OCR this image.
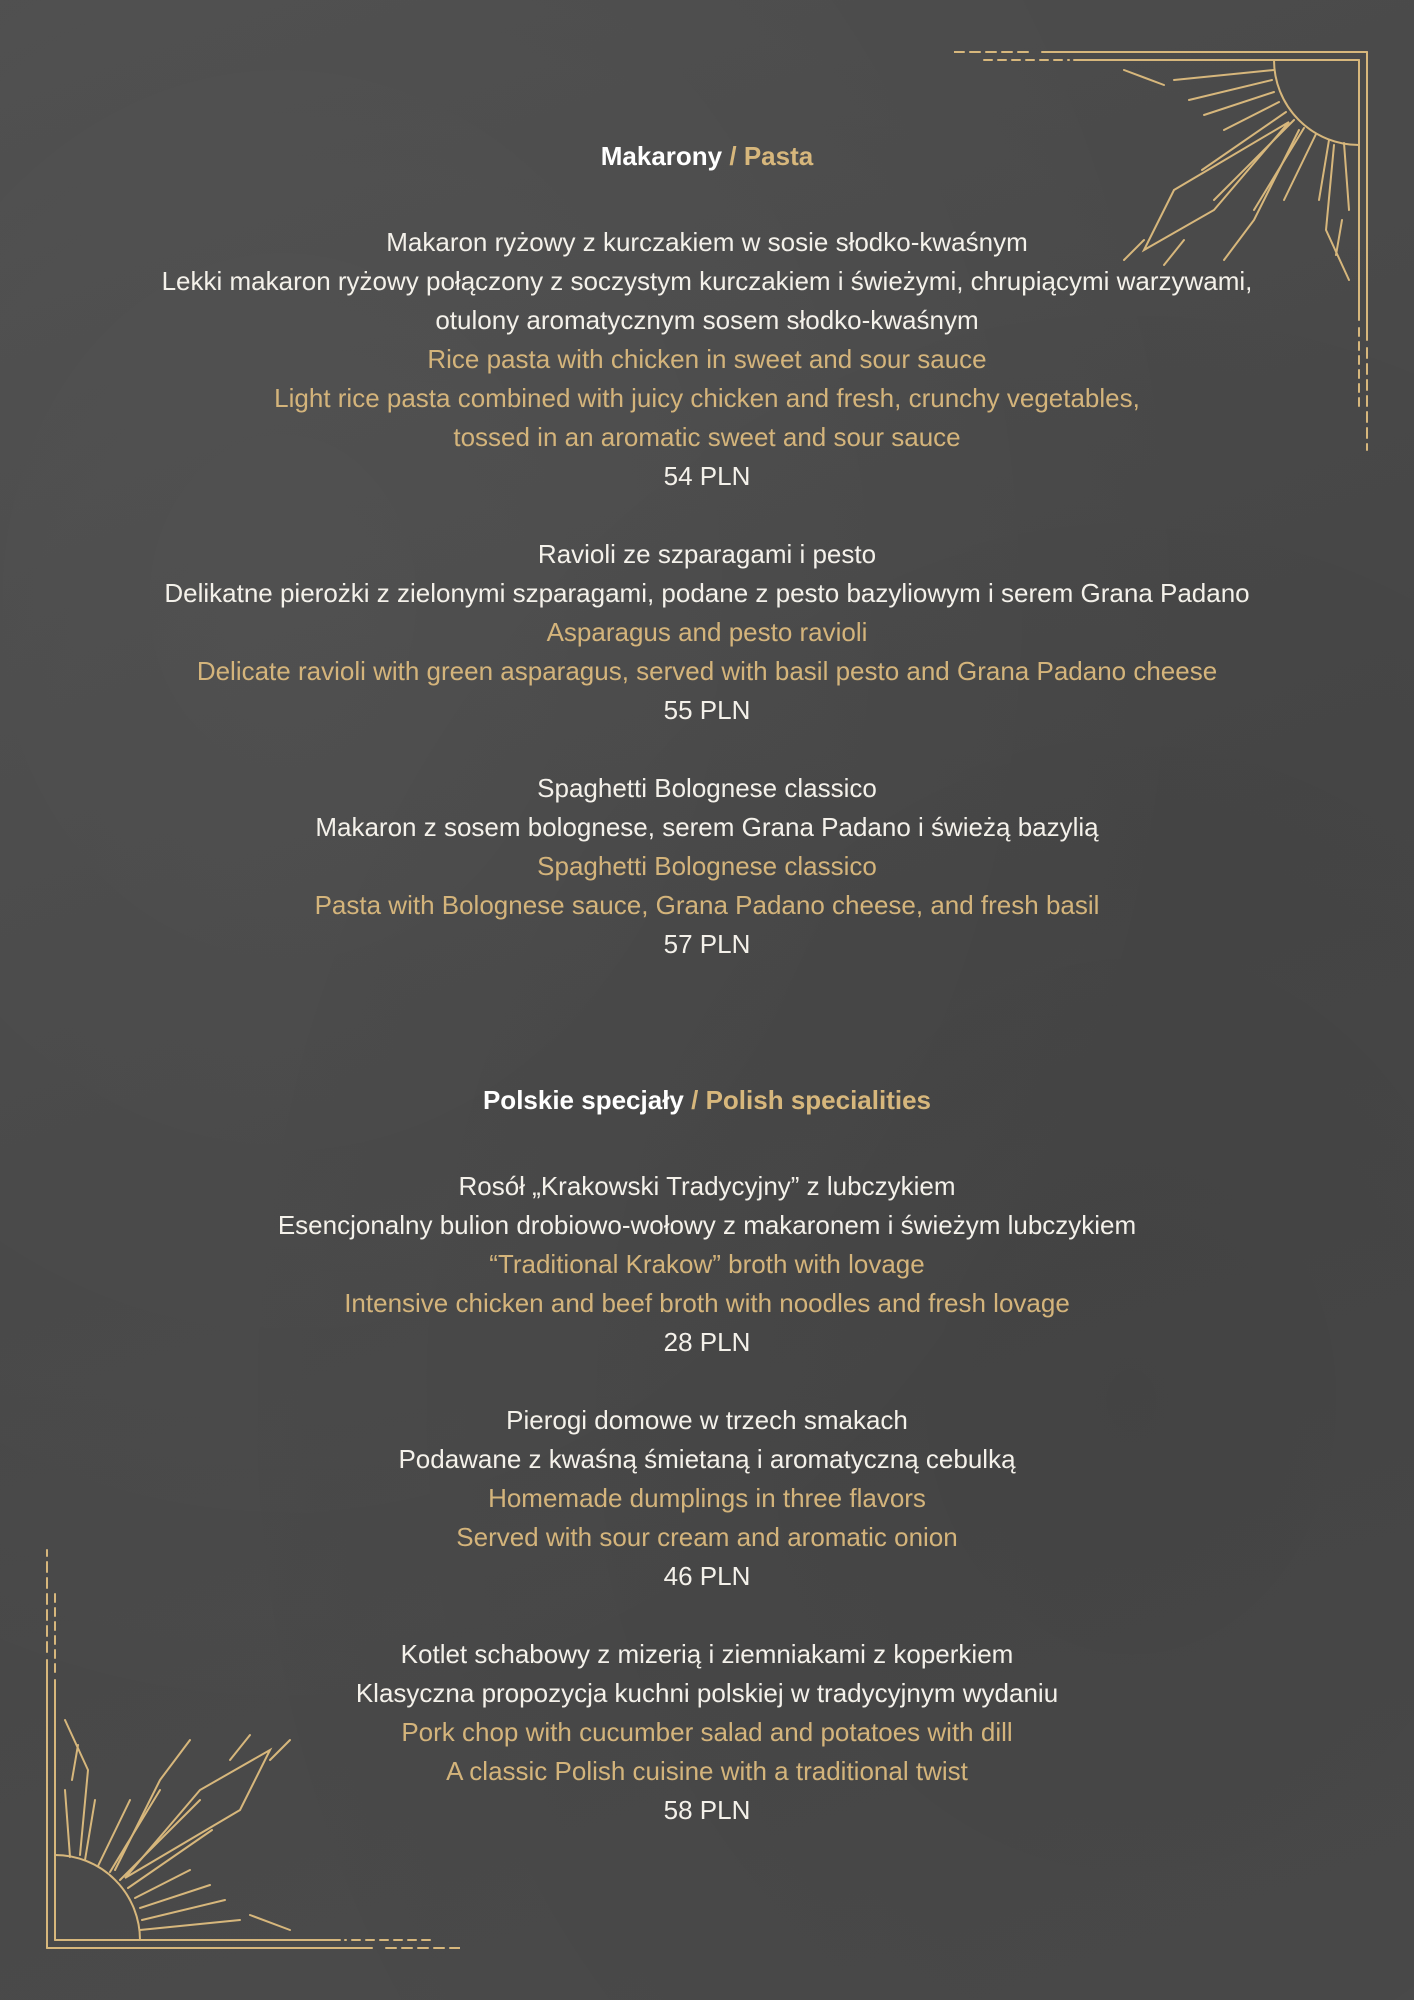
Makarony / Pasta
Makaron ryżowy z kurczakiem w sosie słodko-kwaśnym
Lekki makaron ryżowy połączony z soczystym kurczakiem i świeżymi, chrupiącymi warzywami,
otulony aromatycznym sosem słodko-kwaśnym
Rice pasta with chicken in sweet and sour sauce
Light rice pasta combined with juicy chicken and fresh, crunchy vegetables,
tossed in an aromatic sweet and sour sauce
54 PLN
Ravioli ze szparagami i pesto
Delikatne pierożki z zielonymi szparagami, podane z pesto bazyliowym i serem Grana Padano
Asparagus and pesto ravioli
Delicate ravioli with green asparagus, served with basil pesto and Grana Padano cheese
55 PLN
Spaghetti Bolognese classico
Makaron z sosem bolognese, serem Grana Padano i świeżą bazylią
Spaghetti Bolognese classico
Pasta with Bolognese sauce, Grana Padano cheese, and fresh basil
57 PLN
Polskie specjały / Polish specialities
Rosół „Krakowski Tradycyjny” z lubczykiem
Esencjonalny bulion drobiowo-wołowy z makaronem i świeżym lubczykiem
“Traditional Krakow” broth with lovage
Intensive chicken and beef broth with noodles and fresh lovage
28 PLN
Pierogi domowe w trzech smakach
Podawane z kwaśną śmietaną i aromatyczną cebulką
Homemade dumplings in three flavors
Served with sour cream and aromatic onion
46 PLN
Kotlet schabowy z mizerią i ziemniakami z koperkiem
Klasyczna propozycja kuchni polskiej w tradycyjnym wydaniu
Pork chop with cucumber salad and potatoes with dill
A classic Polish cuisine with a traditional twist
58 PLN
